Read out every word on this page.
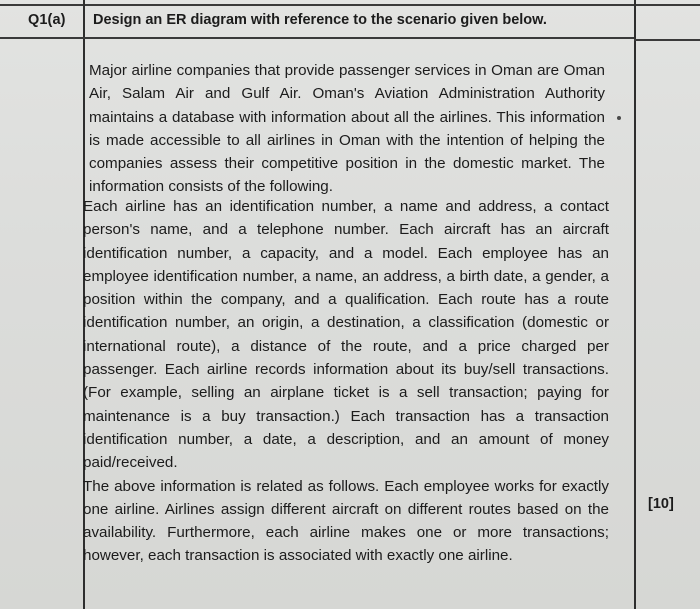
Q1(a) Design an ER diagram with reference to the scenario given below.

Major airline companies that provide passenger services in Oman are Oman Air, Salam Air and Gulf Air. Oman's Aviation Administration Authority maintains a database with information about all the airlines. This information is made accessible to all airlines in Oman with the intention of helping the companies assess their competitive position in the domestic market. The information consists of the following.

Each airline has an identification number, a name and address, a contact person's name, and a telephone number. Each aircraft has an aircraft identification number, a capacity, and a model. Each employee has an employee identification number, a name, an address, a birth date, a gender, a position within the company, and a qualification. Each route has a route identification number, an origin, a destination, a classification (domestic or international route), a distance of the route, and a price charged per passenger. Each airline records information about its buy/sell transactions. (For example, selling an airplane ticket is a sell transaction; paying for maintenance is a buy transaction.) Each transaction has a transaction identification number, a date, a description, and an amount of money paid/received.
The above information is related as follows. Each employee works for exactly one airline. Airlines assign different aircraft on different routes based on the availability. Furthermore, each airline makes one or more transactions; however, each transaction is associated with exactly one airline.

[10]
